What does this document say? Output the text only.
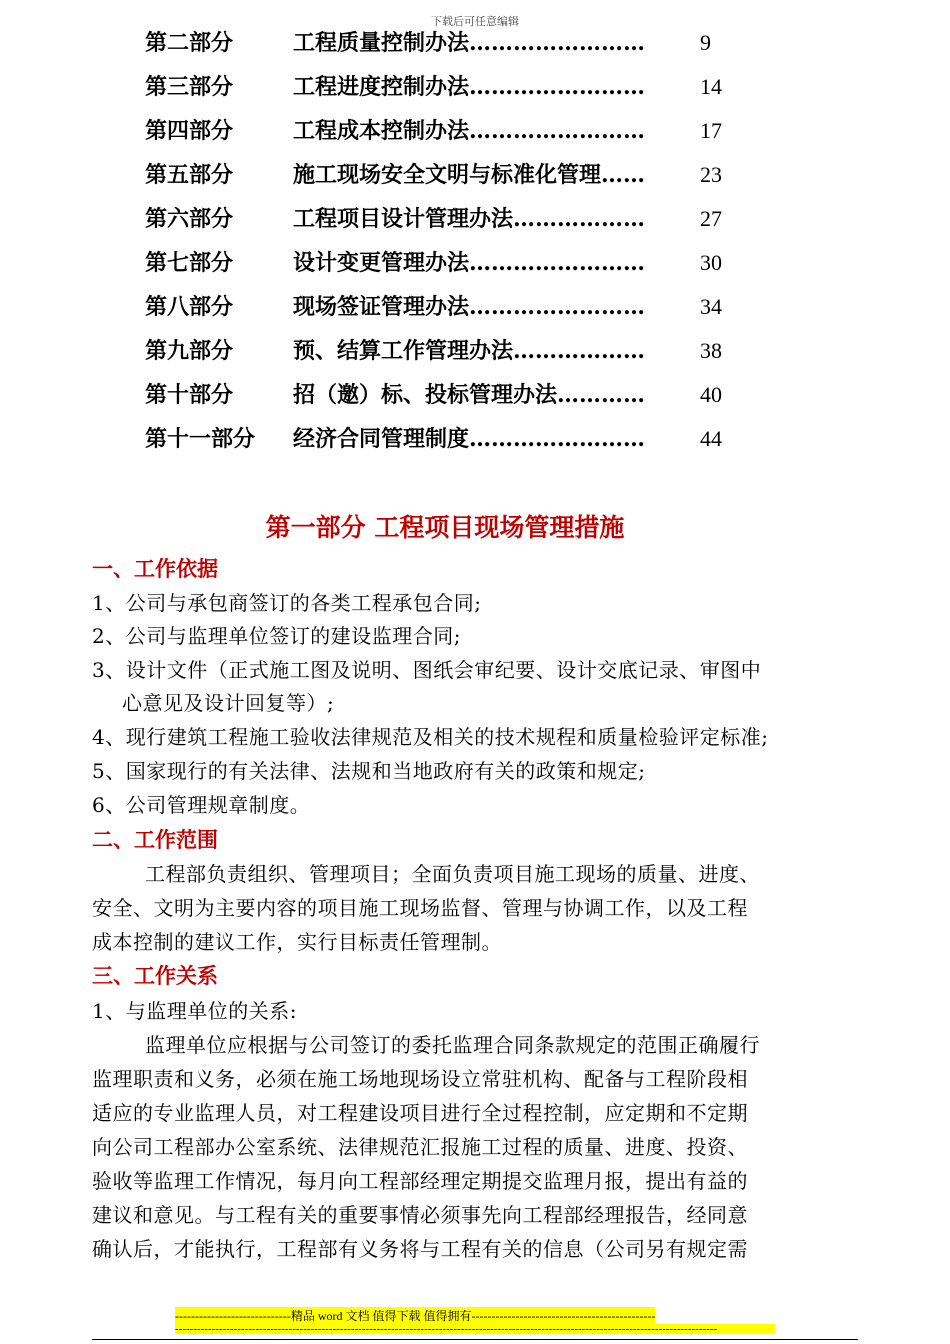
下载后可任意编辑
第二部分	工程质量控制办法…………………… 9
第三部分	工程进度控制办法…………………… 14
第四部分	工程成本控制办法…………………… 17
第五部分	施工现场安全文明与标准化管理…… 23
第六部分	工程项目设计管理办法……………… 27
第七部分	设计变更管理办法…………………… 30
第八部分	现场签证管理办法…………………… 34
第九部分	预、结算工作管理办法……………… 38
第十部分	招（邀）标、投标管理办法………… 40
第十一部分 经济合同管理制度…………………… 44
第一部分 工程项目现场管理措施
一、工作依据
1、公司与承包商签订的各类工程承包合同;
2、公司与监理单位签订的建设监理合同;
3、设计文件（正式施工图及说明、图纸会审纪要、设计交底记录、审图中
心意见及设计回复等）;
4、现行建筑工程施工验收法律规范及相关的技术规程和质量检验评定标准;
5、国家现行的有关法律、法规和当地政府有关的政策和规定;
6、公司管理规章制度。
二、工作范围
工程部负责组织、管理项目；全面负责项目施工现场的质量、进度、
安全、文明为主要内容的项目施工现场监督、管理与协调工作，以及工程
成本控制的建议工作，实行目标责任管理制。
三、工作关系
1、与监理单位的关系:
监理单位应根据与公司签订的委托监理合同条款规定的范围正确履行
监理职责和义务，必须在施工场地现场设立常驻机构、配备与工程阶段相
适应的专业监理人员，对工程建设项目进行全过程控制，应定期和不定期
向公司工程部办公室系统、法律规范汇报施工过程的质量、进度、投资、
验收等监理工作情况，每月向工程部经理定期提交监理月报，提出有益的
建议和意见。与工程有关的重要事情必须事先向工程部经理报告，经同意
确认后，才能执行，工程部有义务将与工程有关的信息（公司另有规定需
-----------------------------精品 word 文档 值得下载 值得拥有----------------------------------------------
----------------------------------------------------------------------------------------------------------------------------------------------------
